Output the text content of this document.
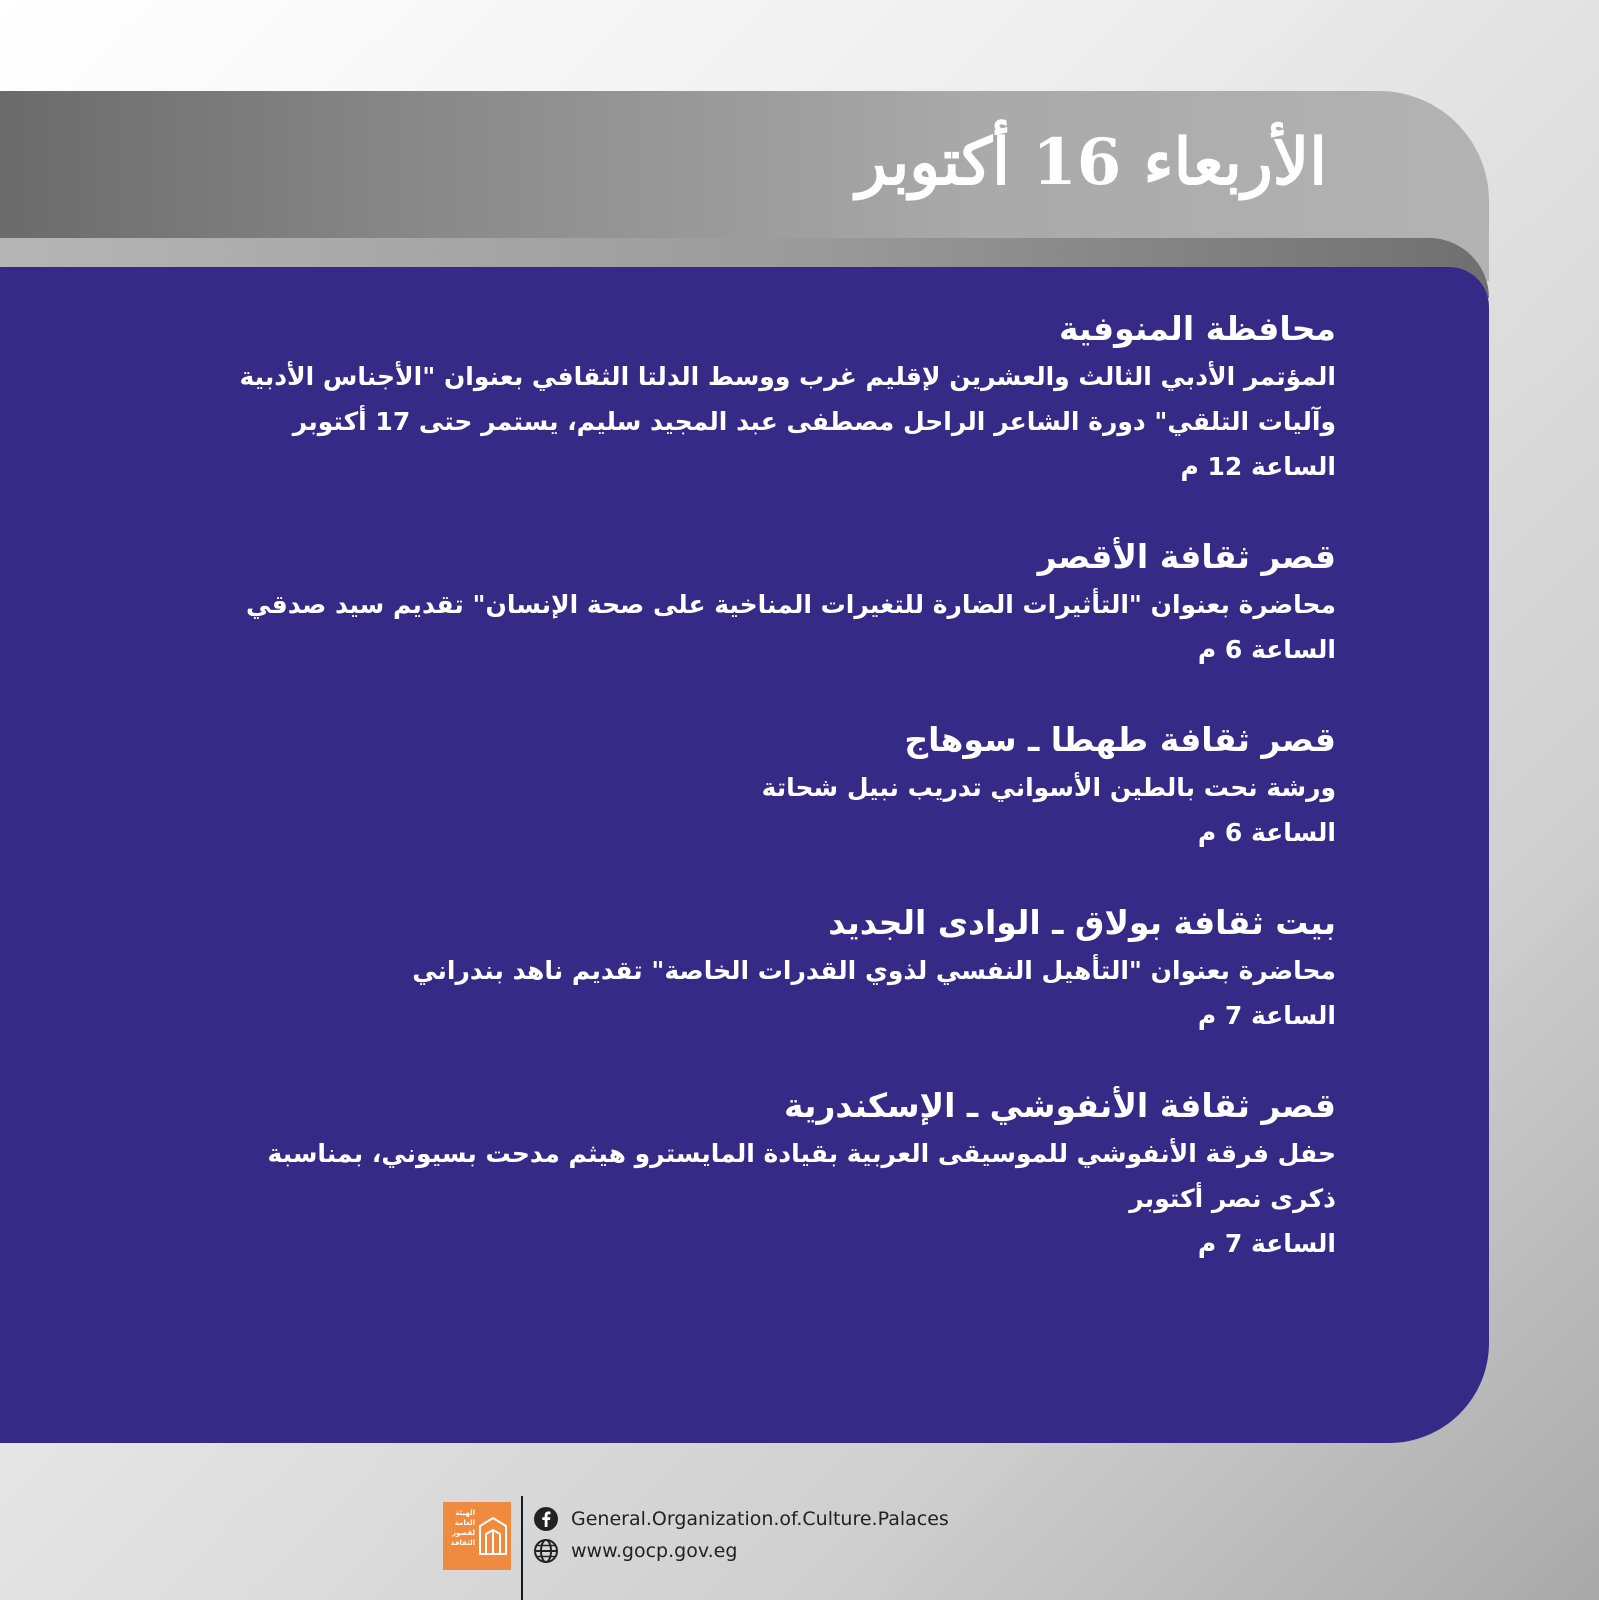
الأربعاء 16 أكتوبر
محافظة المنوفية
المؤتمر الأدبي الثالث والعشرين لإقليم غرب ووسط الدلتا الثقافي بعنوان "الأجناس الأدبية وآليات التلقي" دورة الشاعر الراحل مصطفى عبد المجيد سليم، يستمر حتى 17 أكتوبر
الساعة 12 م
قصر ثقافة الأقصر
محاضرة بعنوان "التأثيرات الضارة للتغيرات المناخية على صحة الإنسان" تقديم سيد صدقي
الساعة 6 م
قصر ثقافة طهطا ـ سوهاج
ورشة نحت بالطين الأسواني تدريب نبيل شحاتة
الساعة 6 م
بيت ثقافة بولاق ـ الوادى الجديد
محاضرة بعنوان "التأهيل النفسي لذوي القدرات الخاصة" تقديم ناهد بندراني
الساعة 7 م
قصر ثقافة الأنفوشي ـ الإسكندرية
حفل فرقة الأنفوشي للموسيقى العربية بقيادة المايسترو هيثم مدحت بسيوني، بمناسبة ذكرى نصر أكتوبر
الساعة 7 م
الهيئة العامة لقصور الثقافة
General.Organization.of.Culture.Palaces
www.gocp.gov.eg
